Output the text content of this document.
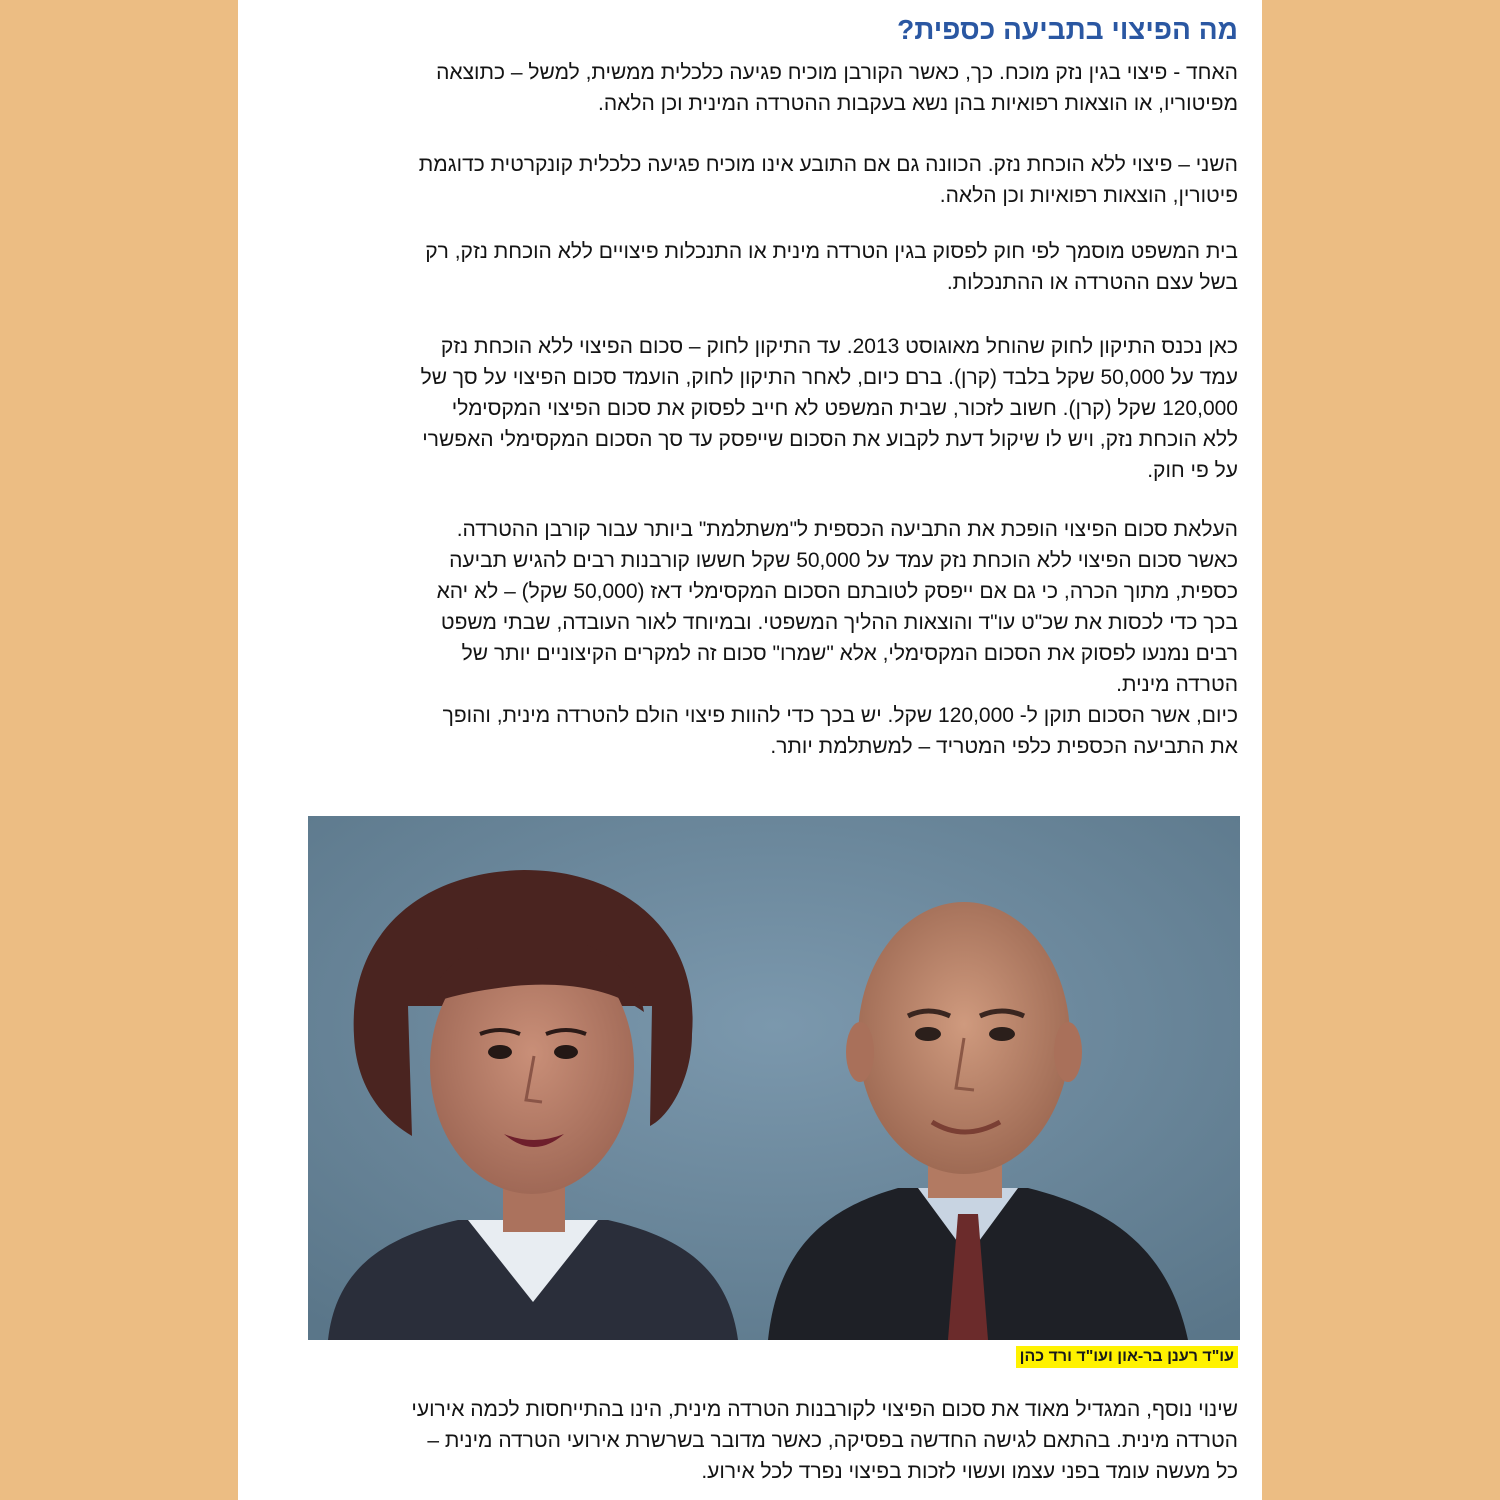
מה הפיצוי בתביעה כספית?

האחד - פיצוי בגין נזק מוכח. כך, כאשר הקורבן מוכיח פגיעה כלכלית ממשית, למשל – כתוצאה
מפיטוריו, או הוצאות רפואיות בהן נשא בעקבות ההטרדה המינית וכן הלאה.

השני – פיצוי ללא הוכחת נזק. הכוונה גם אם התובע אינו מוכיח פגיעה כלכלית קונקרטית כדוגמת
פיטורין, הוצאות רפואיות וכן הלאה.

בית המשפט מוסמך לפי חוק לפסוק בגין הטרדה מינית או התנכלות פיצויים ללא הוכחת נזק, רק
בשל עצם ההטרדה או ההתנכלות.

כאן נכנס התיקון לחוק שהוחל מאוגוסט 2013. עד התיקון לחוק – סכום הפיצוי ללא הוכחת נזק
עמד על 50,000 שקל בלבד (קרן). ברם כיום, לאחר התיקון לחוק, הועמד סכום הפיצוי על סך של
120,000 שקל (קרן). חשוב לזכור, שבית המשפט לא חייב לפסוק את סכום הפיצוי המקסימלי
ללא הוכחת נזק, ויש לו שיקול דעת לקבוע את הסכום שייפסק עד סך הסכום המקסימלי האפשרי
על פי חוק.

העלאת סכום הפיצוי הופכת את התביעה הכספית ל"משתלמת" ביותר עבור קורבן ההטרדה.
כאשר סכום הפיצוי ללא הוכחת נזק עמד על 50,000 שקל חששו קורבנות רבים להגיש תביעה
כספית, מתוך הכרה, כי גם אם ייפסק לטובתם הסכום המקסימלי דאז (50,000 שקל) – לא יהא
בכך כדי לכסות את שכ"ט עו"ד והוצאות ההליך המשפטי. ובמיוחד לאור העובדה, שבתי משפט
רבים נמנעו לפסוק את הסכום המקסימלי, אלא "שמרו" סכום זה למקרים הקיצוניים יותר של
הטרדה מינית.
כיום, אשר הסכום תוקן ל- 120,000 שקל. יש בכך כדי להוות פיצוי הולם להטרדה מינית, והופך
את התביעה הכספית כלפי המטריד – למשתלמת יותר.

עו"ד רענן בר-און ועו"ד ורד כהן

שינוי נוסף, המגדיל מאוד את סכום הפיצוי לקורבנות הטרדה מינית, הינו בהתייחסות לכמה אירועי
הטרדה מינית. בהתאם לגישה החדשה בפסיקה, כאשר מדובר בשרשרת אירועי הטרדה מינית –
כל מעשה עומד בפני עצמו ועשוי לזכות בפיצוי נפרד לכל אירוע.
